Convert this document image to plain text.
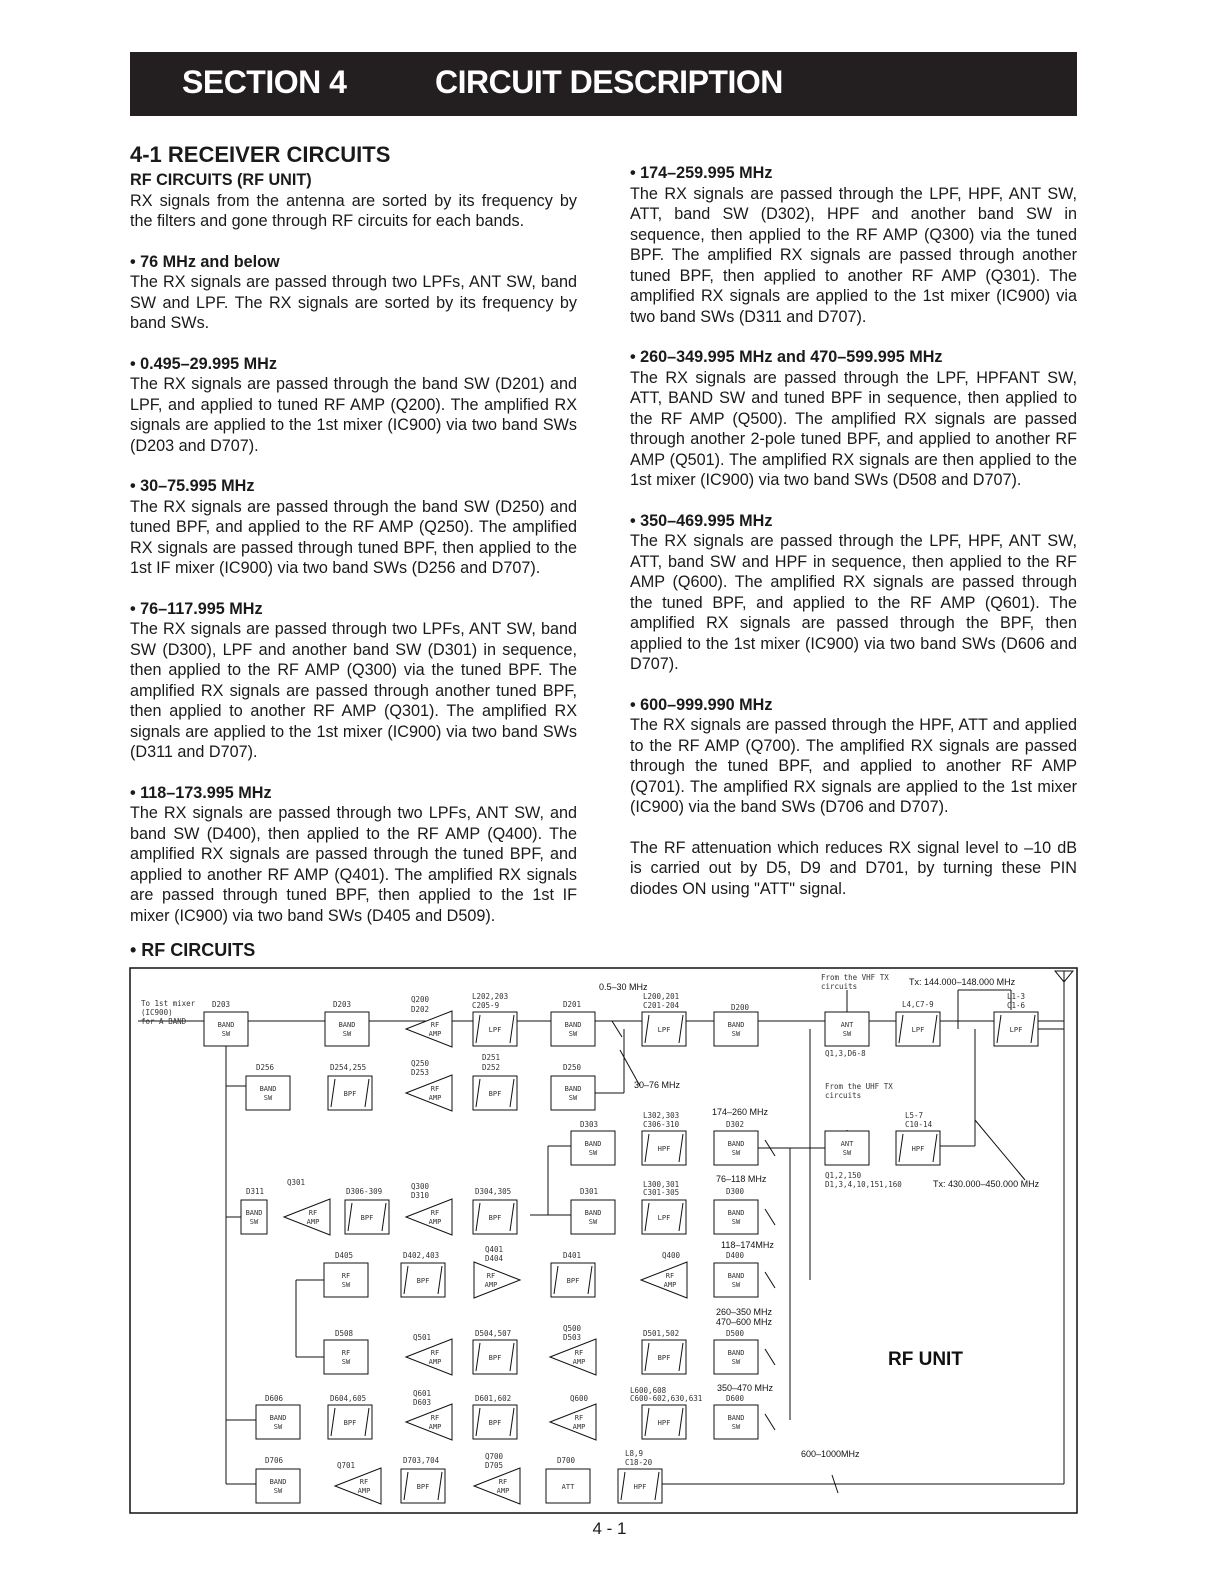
SECTION 4	CIRCUIT DESCRIPTION
4-1 RECEIVER CIRCUITS
RF CIRCUITS (RF UNIT)

RX signals from the antenna are sorted by its frequency by the filters and gone through RF circuits for each bands.

• 76 MHz and below

The RX signals are passed through two LPFs, ANT SW, band SW and LPF. The RX signals are sorted by its frequency by band SWs.

• 0.495–29.995 MHz

The RX signals are passed through the band SW (D201) and LPF, and applied to tuned RF AMP (Q200). The amplified RX signals are applied to the 1st mixer (IC900) via two band SWs (D203 and D707).

• 30–75.995 MHz

The RX signals are passed through the band SW (D250) and tuned BPF, and applied to the RF AMP (Q250). The amplified RX signals are passed through tuned BPF, then applied to the 1st IF mixer (IC900) via two band SWs (D256 and D707).

• 76–117.995 MHz

The RX signals are passed through two LPFs, ANT SW, band SW (D300), LPF and another band SW (D301) in sequence, then applied to the RF AMP (Q300) via the tuned BPF. The amplified RX signals are passed through another tuned BPF, then applied to another RF AMP (Q301). The amplified RX signals are applied to the 1st mixer (IC900) via two band SWs (D311 and D707).

• 118–173.995 MHz

The RX signals are passed through two LPFs, ANT SW, and band SW (D400), then applied to the RF AMP (Q400). The amplified RX signals are passed through the tuned BPF, and applied to another RF AMP (Q401). The amplified RX signals are passed through tuned BPF, then applied to the 1st IF mixer (IC900) via two band SWs (D405 and D509).

• 174–259.995 MHz

The RX signals are passed through the LPF, HPF, ANT SW, ATT, band SW (D302), HPF and another band SW in sequence, then applied to the RF AMP (Q300) via the tuned BPF. The amplified RX signals are passed through another tuned BPF, then applied to another RF AMP (Q301). The amplified RX signals are applied to the 1st mixer (IC900) via two band SWs (D311 and D707).

• 260–349.995 MHz and 470–599.995 MHz

The RX signals are passed through the LPF, HPFANT SW, ATT, BAND SW and tuned BPF in sequence, then applied to the RF AMP (Q500). The amplified RX signals are passed through another 2-pole tuned BPF, and applied to another RF AMP (Q501). The amplified RX signals are then applied to the 1st mixer (IC900) via two band SWs (D508 and D707).

• 350–469.995 MHz

The RX signals are passed through the LPF, HPF, ANT SW, ATT, band SW and HPF in sequence, then applied to the RF AMP (Q600). The amplified RX signals are passed through the tuned BPF, and applied to the RF AMP (Q601). The amplified RX signals are passed through the BPF, then applied to the 1st mixer (IC900) via two band SWs (D606 and D707).

• 600–999.990 MHz

The RX signals are passed through the HPF, ATT and applied to the RF AMP (Q700). The amplified RX signals are passed through the tuned BPF, and applied to another RF AMP (Q701). The amplified RX signals are applied to the 1st mixer (IC900) via the band SWs (D706 and D707).

The RF attenuation which reduces RX signal level to –10 dB is carried out by D5, D9 and D701, by turning these PIN diodes ON using "ATT" signal.

• RF CIRCUITS
BAND
SW
BAND
SW
RF
AMP	LPF
BAND
SW	LPF
BAND
SW
ANT
SW	LPF	LPF
BAND
SW	BPF
RF
AMP	BPF
BAND
SW
BAND
SW	HPF
BAND
SW
ANT
SW	HPF
BAND
SW
RF
AMP	BPF
RF
AMP	BPF
BAND
SW	LPF
BAND
SW
RF
SW	BPF
RF
AMP	BPF
RF
AMP
BAND
SW
RF
SW
RF
AMP	BPF
RF
AMP	BPF
BAND
SW
BAND
SW	BPF
RF
AMP	BPF
RF
AMP	HPF
BAND
SW
BAND
SW
RF
AMP	BPF
RF
AMP	ATT	HPF
To 1st mixer
(IC900)
for A BAND
From the VHF TX
circuits
From the UHF TX
circuits
0.5–30 MHz
30–76 MHz
174–260 MHz
76–118 MHz
118–174MHz
260–350 MHz
470–600 MHz
350–470 MHz
600–1000MHz
Tx: 144.000–148.000 MHz
Tx: 430.000–450.000 MHz
D203	D203
Q200
D202
L202,203
C205-9	D201
L200,201
C201-204	D200	L4,C7-9
L1-3
C1-6
Q1,3,D6-8
D256	D254,255	Q250
D253
D251
D252	D250
D303
L302,303
C306-310	D302
L5-7
C10-14
Q1,2,150
D1,3,4,10,151,160
D311
Q301
D306-309
Q300
D310	D304,305	D301
L300,301
C301-305	D300
D405	D402,403
Q401
D404	D401	Q400	D400
D508	Q501	D504,507
Q500
D503	D501,502	D500
D606	D604,605
Q601
D603	D601,602	Q600
L600,608
C600-602,630,631	D600
D706
Q701
D703,704	Q700
D705
D700
L8,9
C18-20
RF UNIT
4 - 1
